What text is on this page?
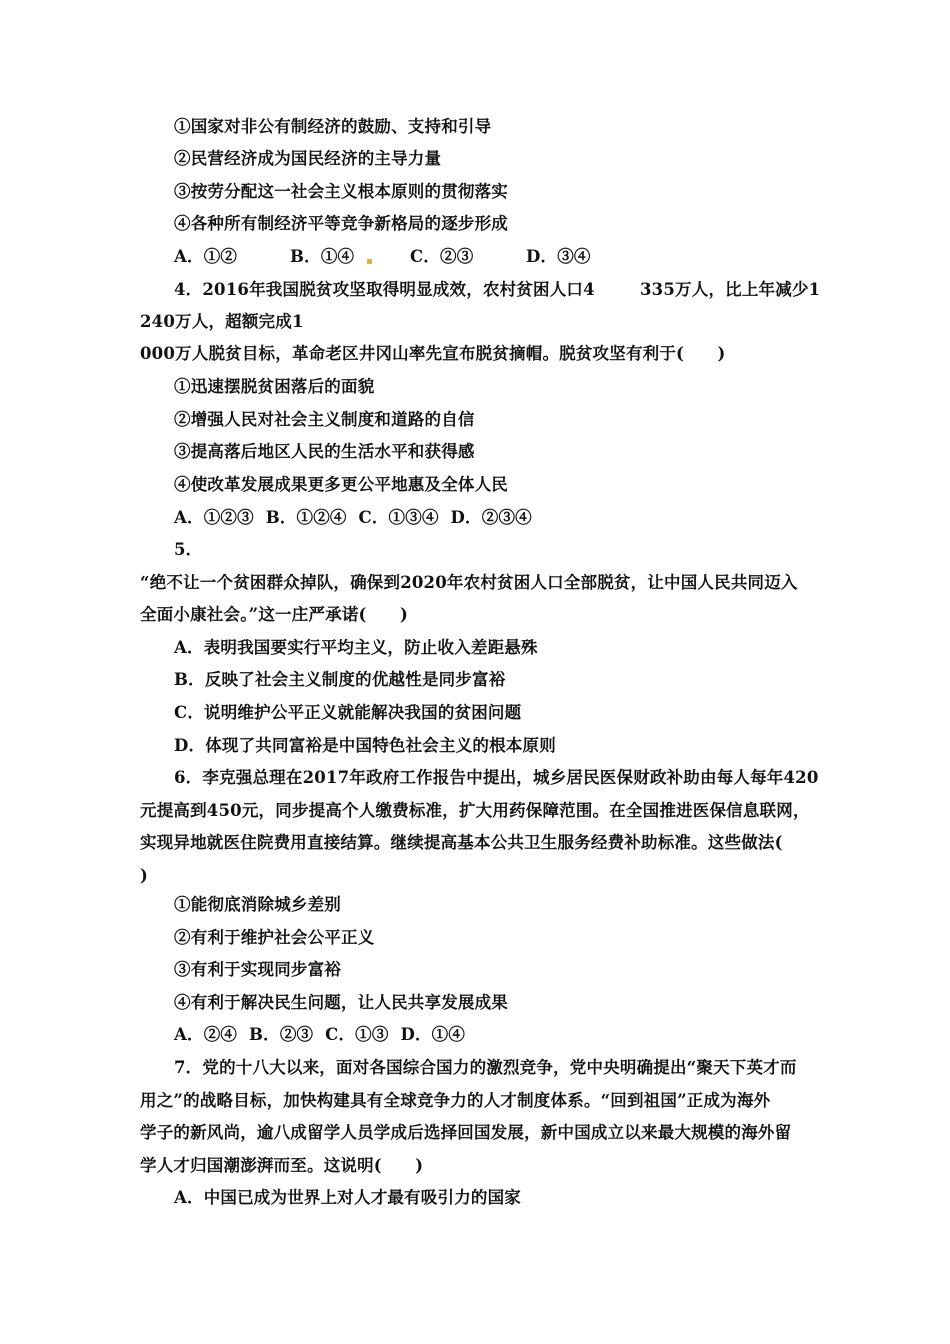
①国家对非公有制经济的鼓励、支持和引导
②民营经济成为国民经济的主导力量
③按劳分配这一社会主义根本原则的贯彻落实
④各种所有制经济平等竞争新格局的逐步形成
A．①②	B．①④	C．②③	D．③④
4．2016年我国脱贫攻坚取得明显成效，农村贫困人口4	335万人，比上年减少1
240万人，超额完成1
000万人脱贫目标，革命老区井冈山率先宣布脱贫摘帽。脱贫攻坚有利于(　　)
①迅速摆脱贫困落后的面貌
②增强人民对社会主义制度和道路的自信
③提高落后地区人民的生活水平和获得感
④使改革发展成果更多更公平地惠及全体人民
A．①②③  B．①②④  C．①③④  D．②③④
5．
“绝不让一个贫困群众掉队，确保到2020年农村贫困人口全部脱贫，让中国人民共同迈入
全面小康社会。”这一庄严承诺(　　)
A．表明我国要实行平均主义，防止收入差距悬殊
B．反映了社会主义制度的优越性是同步富裕
C．说明维护公平正义就能解决我国的贫困问题
D．体现了共同富裕是中国特色社会主义的根本原则
6．李克强总理在2017年政府工作报告中提出，城乡居民医保财政补助由每人每年420
元提高到450元，同步提高个人缴费标准，扩大用药保障范围。在全国推进医保信息联网，
实现异地就医住院费用直接结算。继续提高基本公共卫生服务经费补助标准。这些做法(
)
①能彻底消除城乡差别
②有利于维护社会公平正义
③有利于实现同步富裕
④有利于解决民生问题，让人民共享发展成果
A．②④  B．②③  C．①③  D．①④
7．党的十八大以来，面对各国综合国力的激烈竞争，党中央明确提出“聚天下英才而
用之”的战略目标，加快构建具有全球竞争力的人才制度体系。“回到祖国”正成为海外
学子的新风尚，逾八成留学人员学成后选择回国发展，新中国成立以来最大规模的海外留
学人才归国潮澎湃而至。这说明(　　)
A．中国已成为世界上对人才最有吸引力的国家
